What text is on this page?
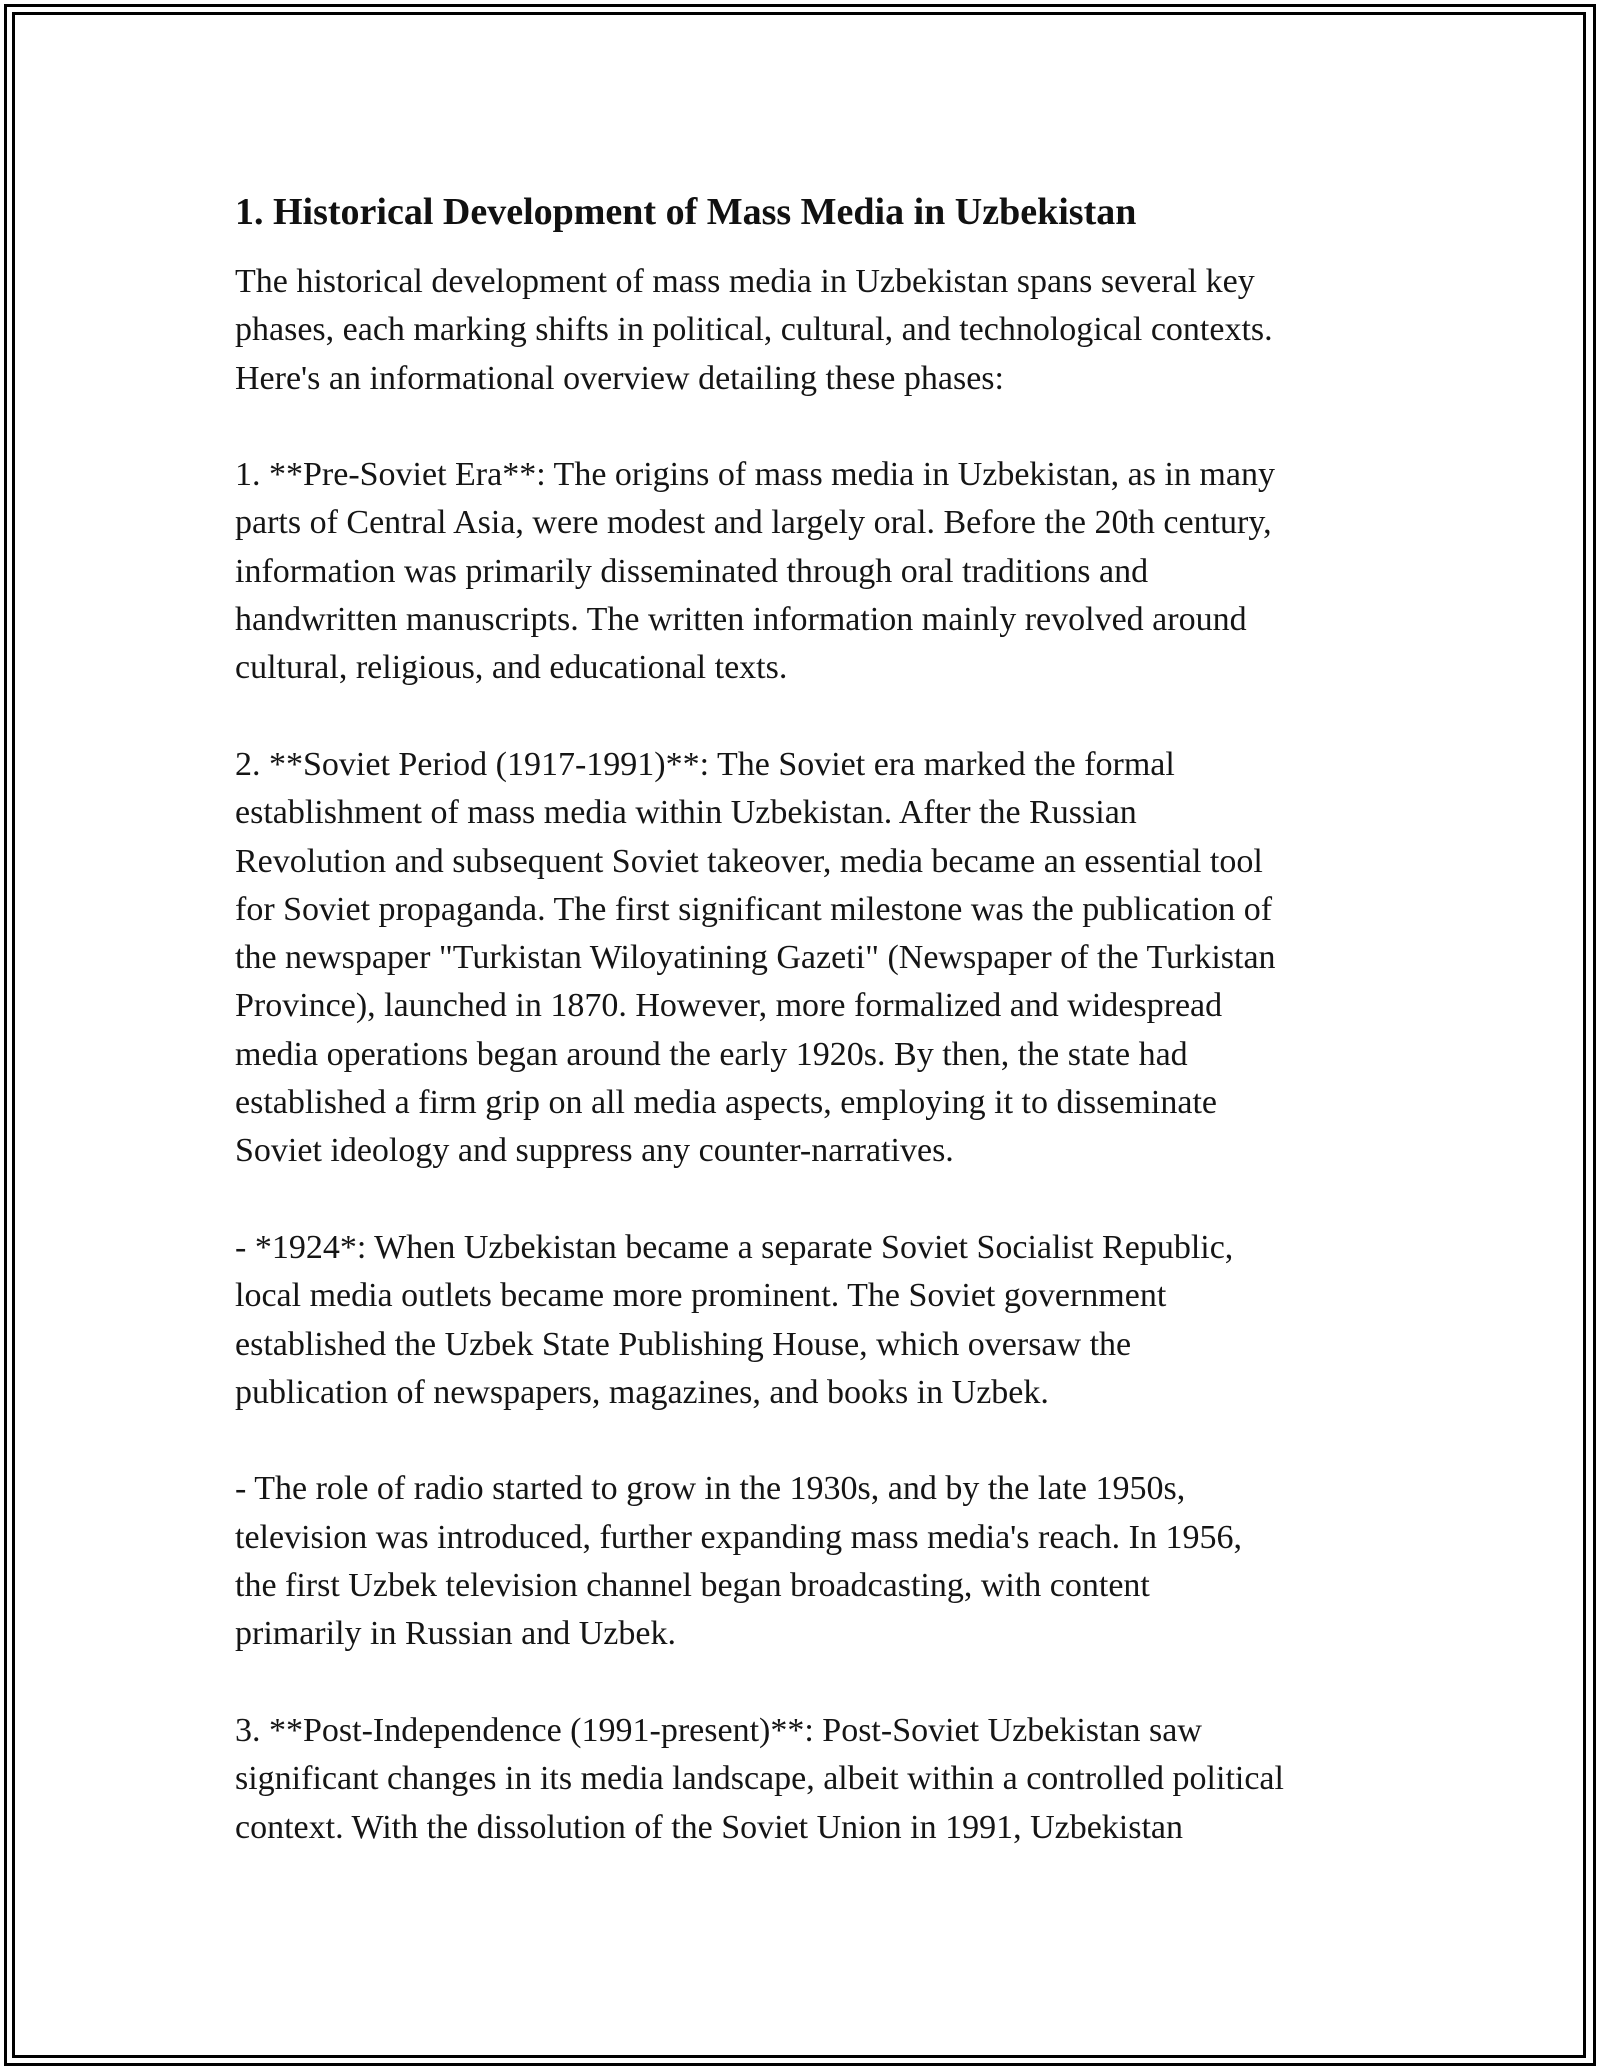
1. Historical Development of Mass Media in Uzbekistan

The historical development of mass media in Uzbekistan spans several key
phases, each marking shifts in political, cultural, and technological contexts.
Here's an informational overview detailing these phases:

1. **Pre-Soviet Era**: The origins of mass media in Uzbekistan, as in many
parts of Central Asia, were modest and largely oral. Before the 20th century,
information was primarily disseminated through oral traditions and
handwritten manuscripts. The written information mainly revolved around
cultural, religious, and educational texts.

2. **Soviet Period (1917-1991)**: The Soviet era marked the formal
establishment of mass media within Uzbekistan. After the Russian
Revolution and subsequent Soviet takeover, media became an essential tool
for Soviet propaganda. The first significant milestone was the publication of
the newspaper "Turkistan Wiloyatining Gazeti" (Newspaper of the Turkistan
Province), launched in 1870. However, more formalized and widespread
media operations began around the early 1920s. By then, the state had
established a firm grip on all media aspects, employing it to disseminate
Soviet ideology and suppress any counter-narratives.

- *1924*: When Uzbekistan became a separate Soviet Socialist Republic,
local media outlets became more prominent. The Soviet government
established the Uzbek State Publishing House, which oversaw the
publication of newspapers, magazines, and books in Uzbek.

- The role of radio started to grow in the 1930s, and by the late 1950s,
television was introduced, further expanding mass media's reach. In 1956,
the first Uzbek television channel began broadcasting, with content
primarily in Russian and Uzbek.

3. **Post-Independence (1991-present)**: Post-Soviet Uzbekistan saw
significant changes in its media landscape, albeit within a controlled political
context. With the dissolution of the Soviet Union in 1991, Uzbekistan
